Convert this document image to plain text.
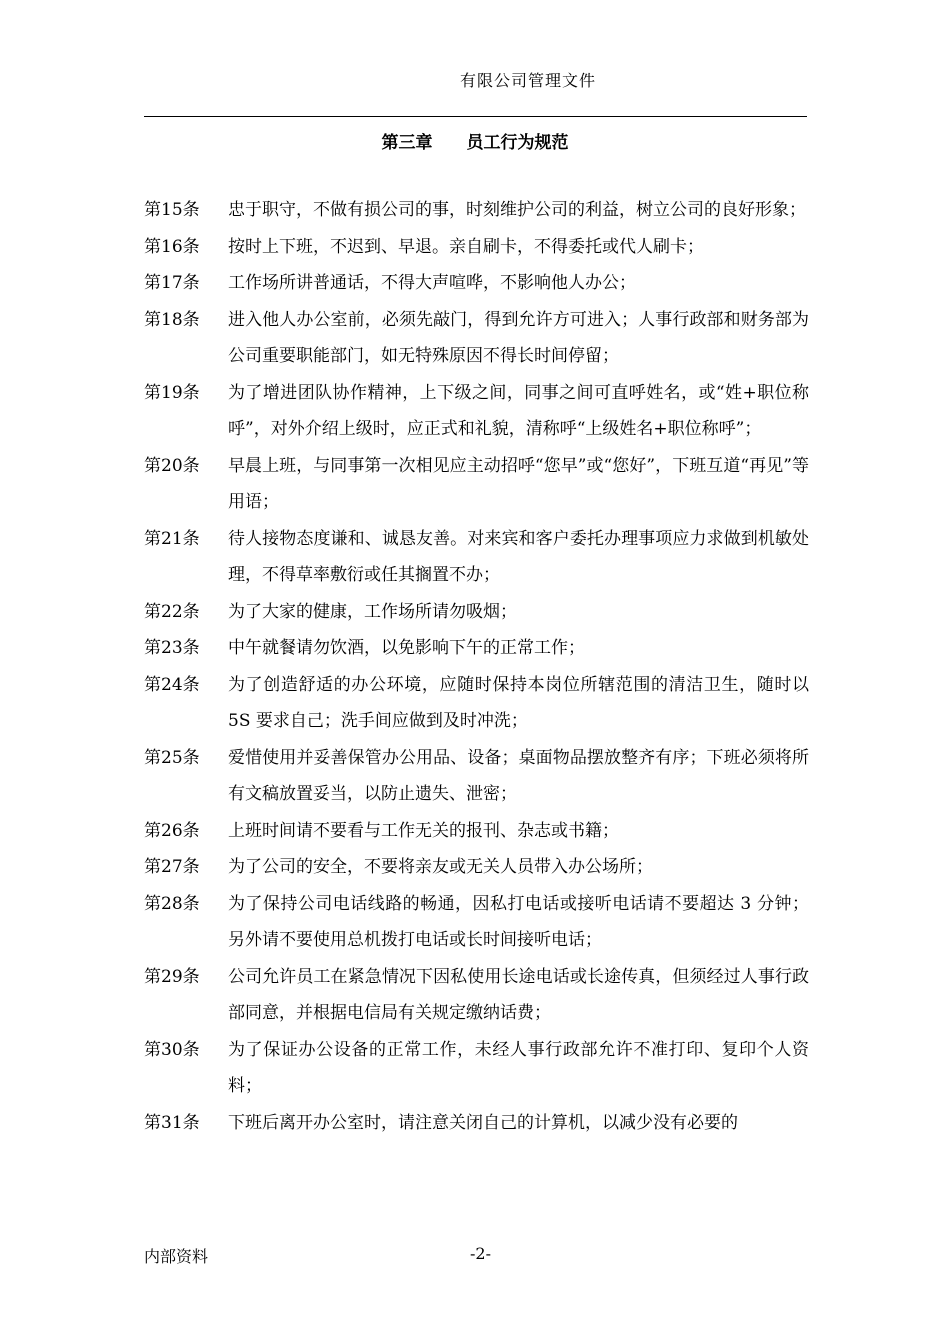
有限公司管理文件
第三章 员工行为规范
第15条	忠于职守，不做有损公司的事，时刻维护公司的利益，树立公司的良好形象；
第16条	按时上下班，不迟到、早退。亲自刷卡，不得委托或代人刷卡；
第17条	工作场所讲普通话，不得大声喧哗，不影响他人办公；
第18条	进入他人办公室前，必须先敲门，得到允许方可进入；人事行政部和财务部为公司重要职能部门，如无特殊原因不得长时间停留；
第19条	为了增进团队协作精神，上下级之间，同事之间可直呼姓名，或“姓+职位称呼”，对外介绍上级时，应正式和礼貌，清称呼“上级姓名+职位称呼”；
第20条	早晨上班，与同事第一次相见应主动招呼“您早”或“您好”，下班互道“再见”等用语；
第21条	待人接物态度谦和、诚恳友善。对来宾和客户委托办理事项应力求做到机敏处理，不得草率敷衍或任其搁置不办；
第22条	为了大家的健康，工作场所请勿吸烟；
第23条	中午就餐请勿饮酒，以免影响下午的正常工作；
第24条	为了创造舒适的办公环境，应随时保持本岗位所辖范围的清洁卫生，随时以 5S 要求自己；洗手间应做到及时冲洗；
第25条	爱惜使用并妥善保管办公用品、设备；桌面物品摆放整齐有序；下班必须将所有文稿放置妥当，以防止遗失、泄密；
第26条	上班时间请不要看与工作无关的报刊、杂志或书籍；
第27条	为了公司的安全，不要将亲友或无关人员带入办公场所；
第28条	为了保持公司电话线路的畅通，因私打电话或接听电话请不要超达 3 分钟；另外请不要使用总机拨打电话或长时间接听电话；
第29条	公司允许员工在紧急情况下因私使用长途电话或长途传真，但须经过人事行政部同意，并根据电信局有关规定缴纳话费；
第30条	为了保证办公设备的正常工作，未经人事行政部允许不准打印、复印个人资料；
第31条	下班后离开办公室时，请注意关闭自己的计算机，以减少没有必要的
内部资料	-2-
